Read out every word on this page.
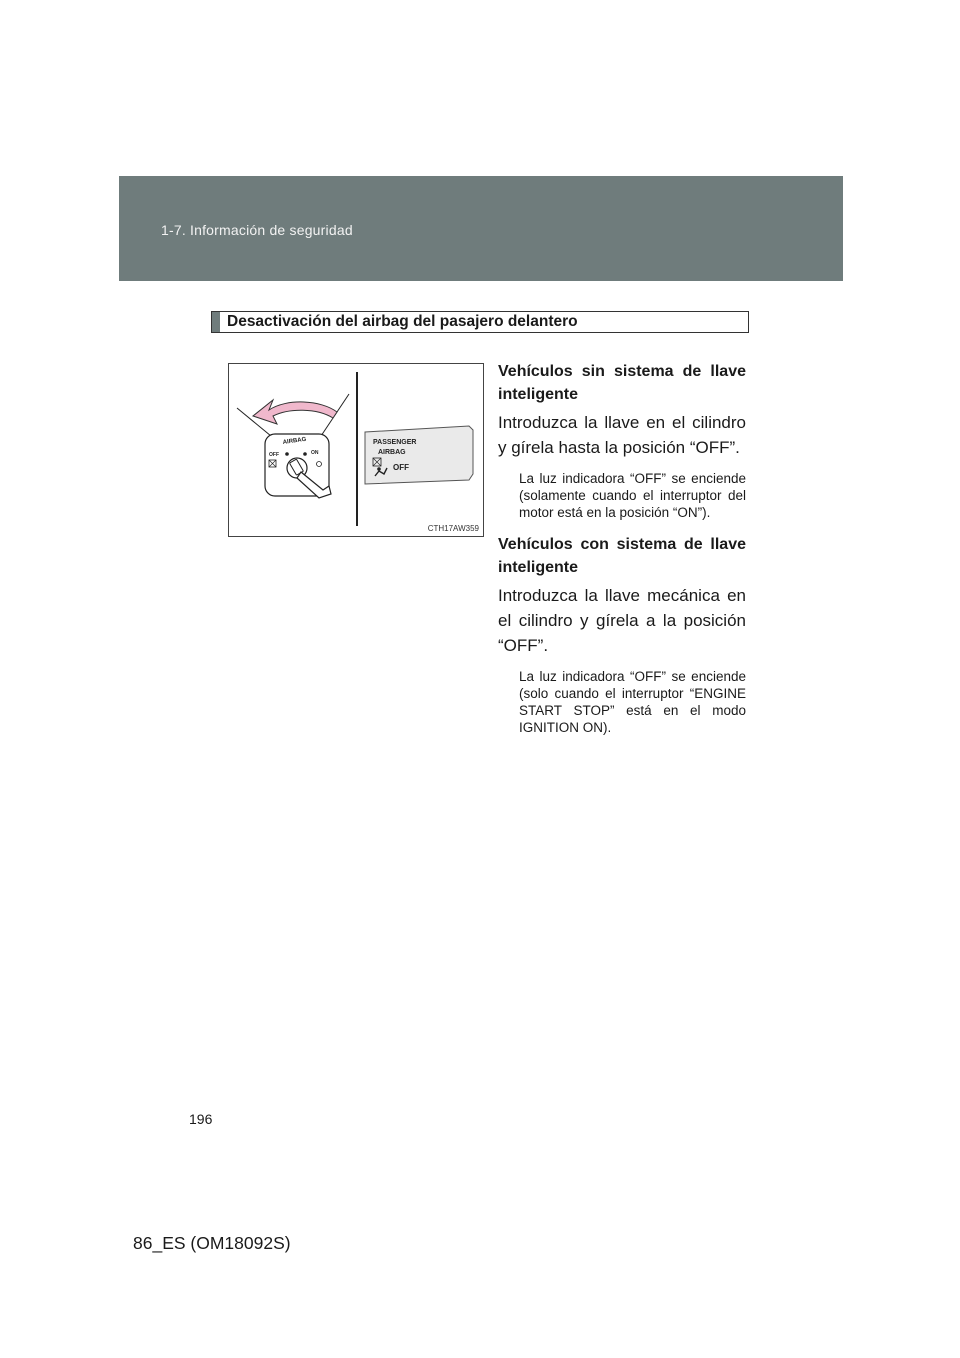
1-7. Información de seguridad
Desactivación del airbag del pasajero delantero
AIRBAG
OFF	ON
PASSENGER
AIRBAG
OFF
CTH17AW359

Vehículos sin sistema de llave inteligente

Introduzca la llave en el cilindro y gírela hasta la posición “OFF”.

La luz indicadora “OFF” se enciende (solamente cuando el interruptor del motor está en la posición “ON”).

Vehículos con sistema de llave inteligente

Introduzca la llave mecánica en el cilindro y gírela a la posición “OFF”.

La luz indicadora “OFF” se enciende (solo cuando el interruptor “ENGINE START STOP” está en el modo IGNITION ON).

196
86_ES (OM18092S)
